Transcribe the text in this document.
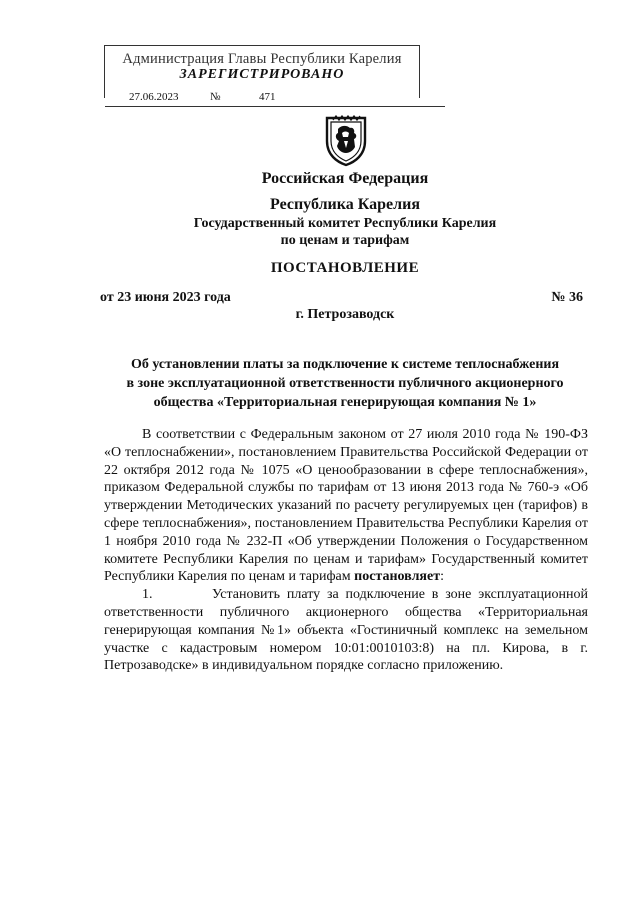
Администрация Главы Республики Карелия
ЗАРЕГИСТРИРОВАНО
27.06.2023	№	471
Российская Федерация
Республика Карелия
Государственный комитет Республики Карелия
по ценам и тарифам
ПОСТАНОВЛЕНИЕ
от 23 июня 2023 года	№ 36
г. Петрозаводск
Об установлении платы за подключение к системе теплоснабжения
в зоне эксплуатационной ответственности публичного акционерного
общества «Территориальная генерирующая компания № 1»

В соответствии с Федеральным законом от 27 июля 2010 года № 190-ФЗ «О теплоснабжении», постановлением Правительства Российской Федерации от 22 октября 2012 года № 1075 «О ценообразовании в сфере теплоснабжения», приказом Федеральной службы по тарифам от 13 июня 2013 года № 760-э «Об утверждении Методических указаний по расчету регулируемых цен (тарифов) в сфере теплоснабжения», постановлением Правительства Республики Карелия от 1 ноября 2010 года № 232-П «Об утверждении Положения о Государственном комитете Республики Карелия по ценам и тарифам» Государственный комитет Республики Карелия по ценам и тарифам постановляет:

1.	Установить плату за подключение в зоне эксплуатационной ответственности публичного акционерного общества «Территориальная генерирующая компания №1» объекта «Гостиничный комплекс на земельном участке с кадастровым номером 10:01:0010103:8) на пл. Кирова, в г. Петрозаводске» в индивидуальном порядке согласно приложению.
